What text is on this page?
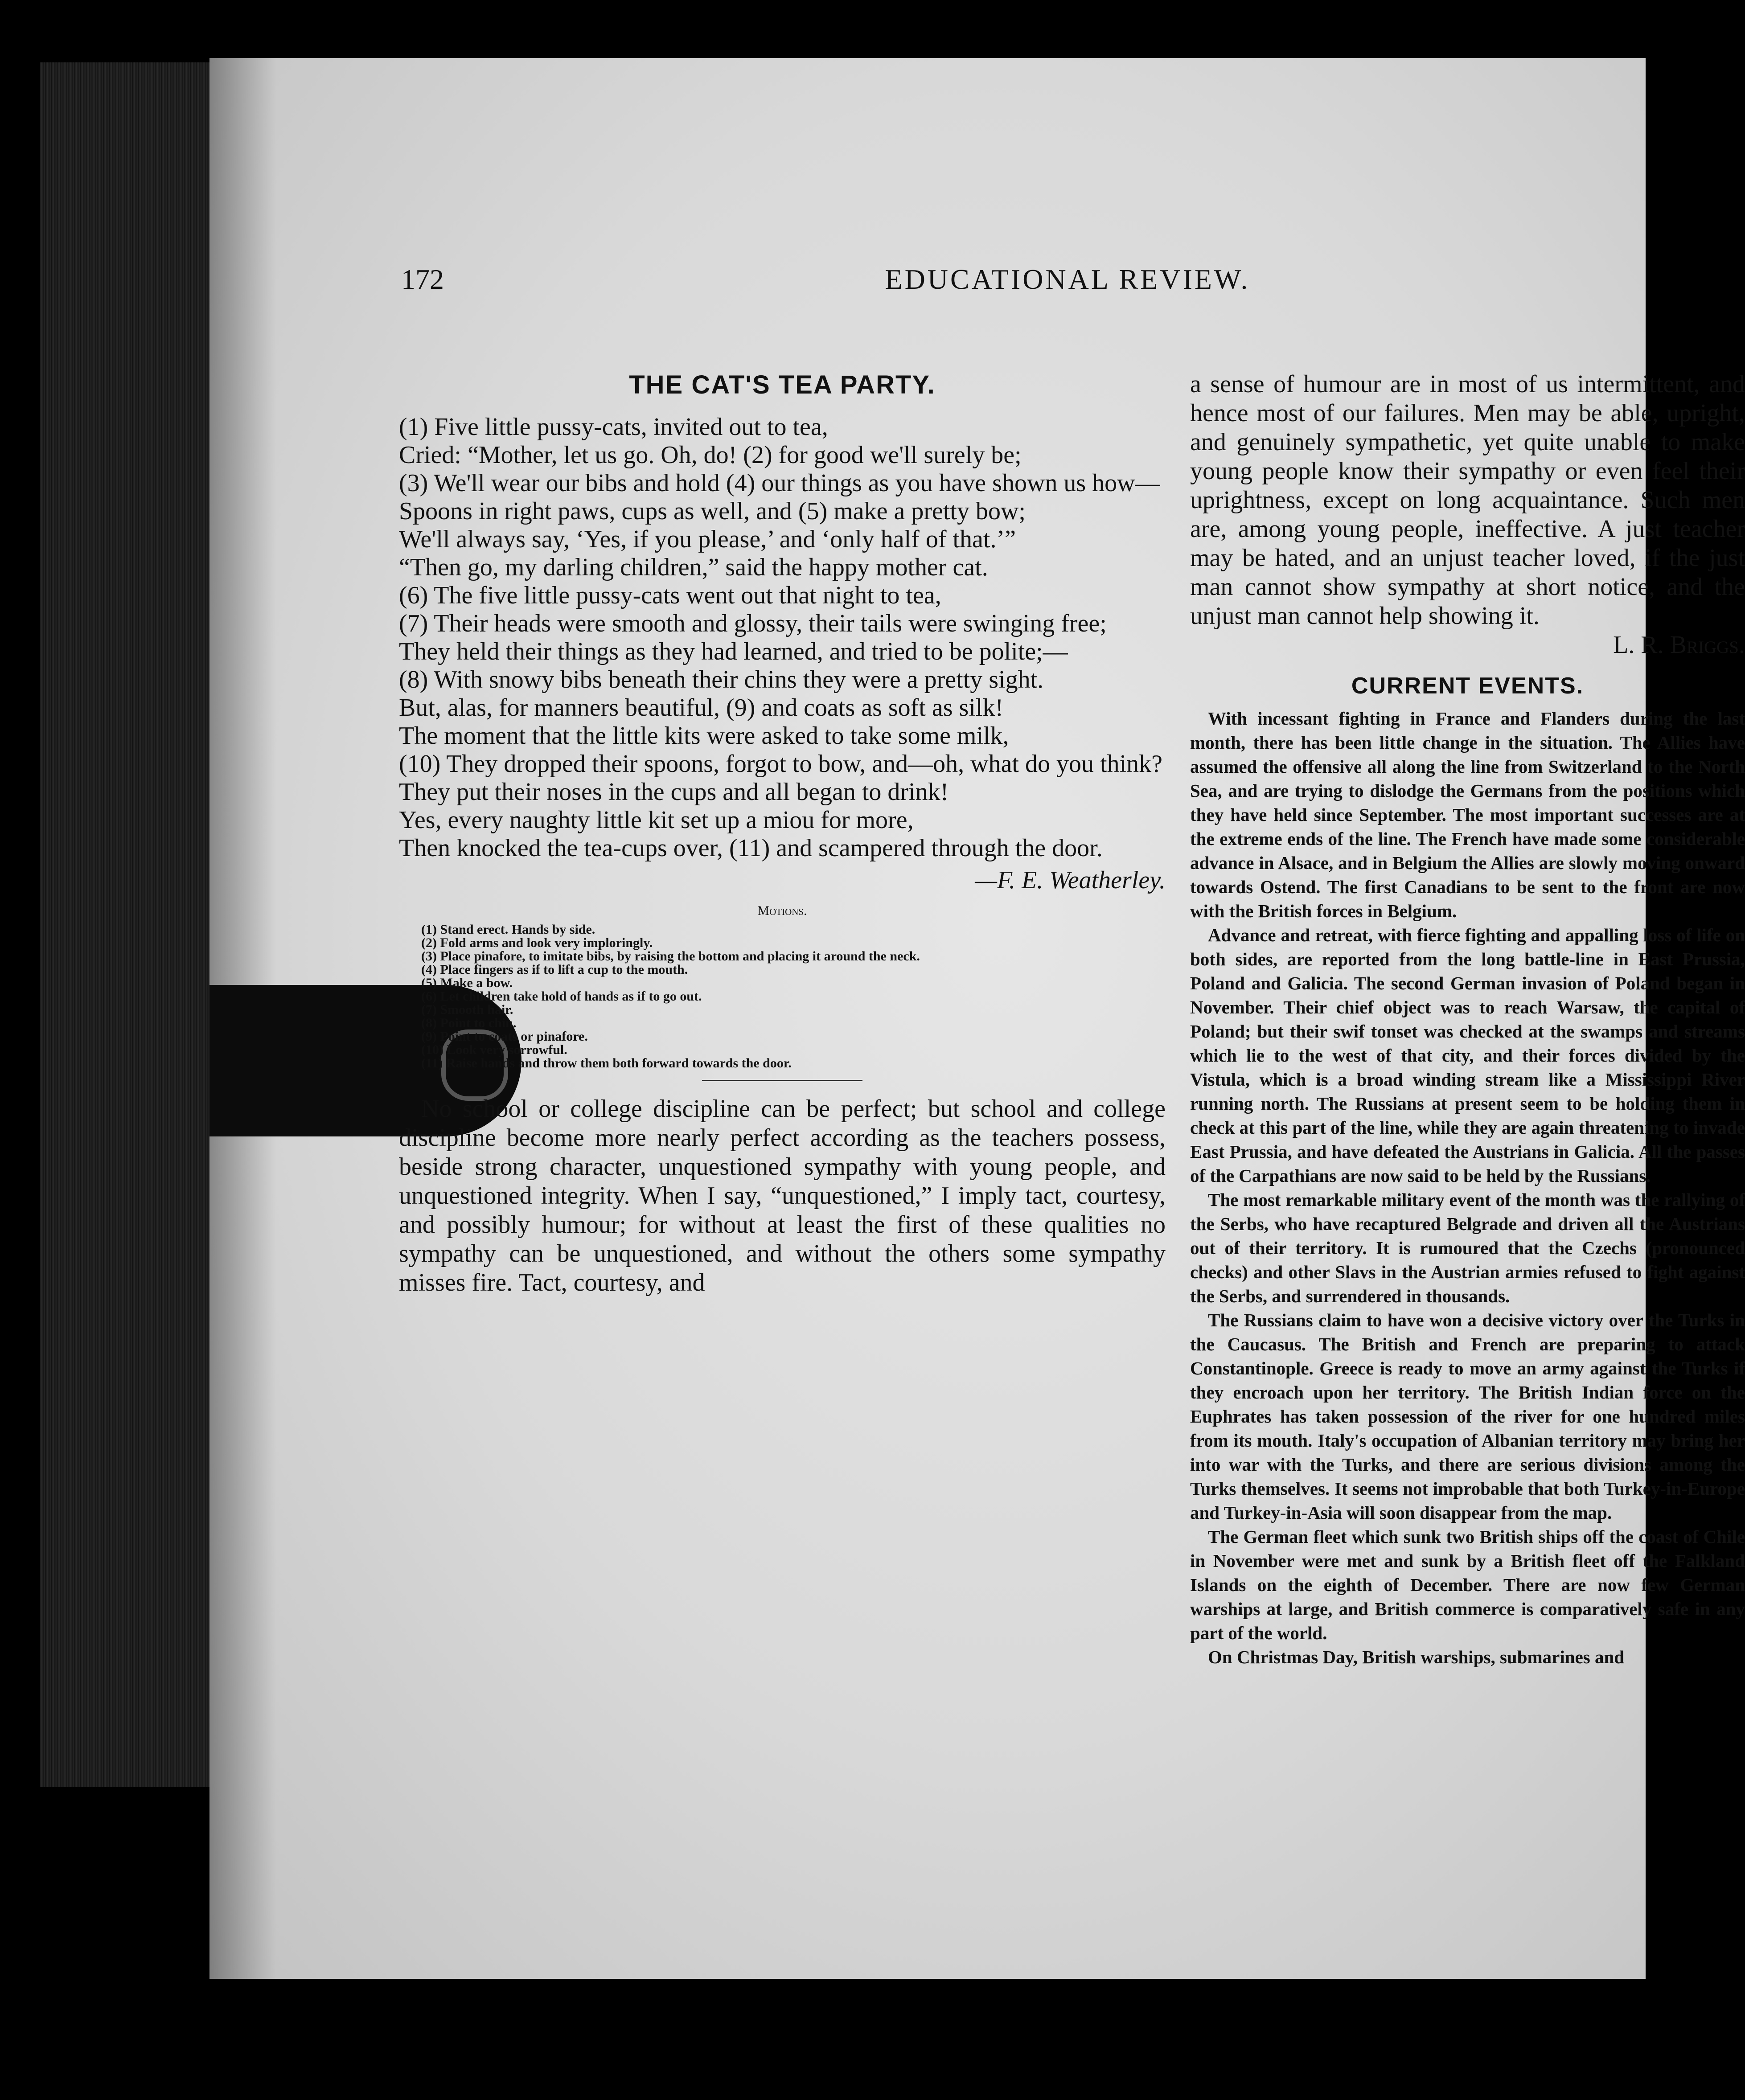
172	EDUCATIONAL REVIEW.
THE CAT'S TEA PARTY.
(1) Five little pussy-cats, invited out to tea,
Cried: “Mother, let us go. Oh, do! (2) for good we'll surely be;
(3) We'll wear our bibs and hold (4) our things as you have shown us how—
Spoons in right paws, cups as well, and (5) make a pretty bow;
We'll always say, ‘Yes, if you please,’ and ‘only half of that.’”
“Then go, my darling children,” said the happy mother cat.
(6) The five little pussy-cats went out that night to tea,
(7) Their heads were smooth and glossy, their tails were swinging free;
They held their things as they had learned, and tried to be polite;—
(8) With snowy bibs beneath their chins they were a pretty sight.
But, alas, for manners beautiful, (9) and coats as soft as silk!
The moment that the little kits were asked to take some milk,
(10) They dropped their spoons, forgot to bow, and—oh, what do you think?
They put their noses in the cups and all began to drink!
Yes, every naughty little kit set up a miou for more,
Then knocked the tea-cups over, (11) and scampered through the door.
—F. E. Weatherley.
Motions.
(1) Stand erect. Hands by side.
(2) Fold arms and look very imploringly.
(3) Place pinafore, to imitate bibs, by raising the bottom and placing it around the neck.
(4) Place fingers as if to lift a cup to the mouth.
(5) Make a bow.
(6) Let children take hold of hands as if to go out.
(7) Smooth hair.
(8) Point to chin.
(9) Point to coats or pinafore.
(10) Look very sorrowful.
(11) Raise hands and throw them both forward towards the door.

No school or college discipline can be perfect; but school and college discipline become more nearly perfect according as the teachers possess, beside strong character, unquestioned sympathy with young people, and unquestioned integrity. When I say, “unquestioned,” I imply tact, courtesy, and possibly humour; for without at least the first of these qualities no sympathy can be unquestioned, and without the others some sympathy misses fire. Tact, courtesy, and

a sense of humour are in most of us intermittent, and hence most of our failures. Men may be able, upright, and genuinely sympathetic, yet quite unable to make young people know their sympathy or even feel their uprightness, except on long acquaintance. Such men are, among young people, ineffective. A just teacher may be hated, and an unjust teacher loved, if the just man cannot show sympathy at short notice, and the unjust man cannot help showing it.

L. R. Briggs.
CURRENT EVENTS.

With incessant fighting in France and Flanders during the last month, there has been little change in the situation. The Allies have assumed the offensive all along the line from Switzerland to the North Sea, and are trying to dislodge the Germans from the positions which they have held since September. The most important successes are at the extreme ends of the line. The French have made some considerable advance in Alsace, and in Belgium the Allies are slowly moving onward towards Ostend. The first Canadians to be sent to the front are now with the British forces in Belgium.

Advance and retreat, with fierce fighting and appalling loss of life on both sides, are reported from the long battle-line in East Prussia, Poland and Galicia. The second German invasion of Poland began in November. Their chief object was to reach Warsaw, the capital of Poland; but their swif tonset was checked at the swamps and streams which lie to the west of that city, and their forces divided by the Vistula, which is a broad winding stream like a Mississippi River running north. The Russians at present seem to be holding them in check at this part of the line, while they are again threatening to invade East Prussia, and have defeated the Austrians in Galicia. All the passes of the Carpathians are now said to be held by the Russians.

The most remarkable military event of the month was the rallying of the Serbs, who have recaptured Belgrade and driven all the Austrians out of their territory. It is rumoured that the Czechs (pronounced checks) and other Slavs in the Austrian armies refused to fight against the Serbs, and surrendered in thousands.

The Russians claim to have won a decisive victory over the Turks in the Caucasus. The British and French are preparing to attack Constantinople. Greece is ready to move an army against the Turks if they encroach upon her territory. The British Indian force on the Euphrates has taken possession of the river for one hundred miles from its mouth. Italy's occupation of Albanian territory may bring her into war with the Turks, and there are serious divisions among the Turks themselves. It seems not improbable that both Turkey-in-Europe and Turkey-in-Asia will soon disappear from the map.

The German fleet which sunk two British ships off the coast of Chile in November were met and sunk by a British fleet off the Falkland Islands on the eighth of December. There are now few German warships at large, and British commerce is comparatively safe in any part of the world.

On Christmas Day, British warships, submarines and
